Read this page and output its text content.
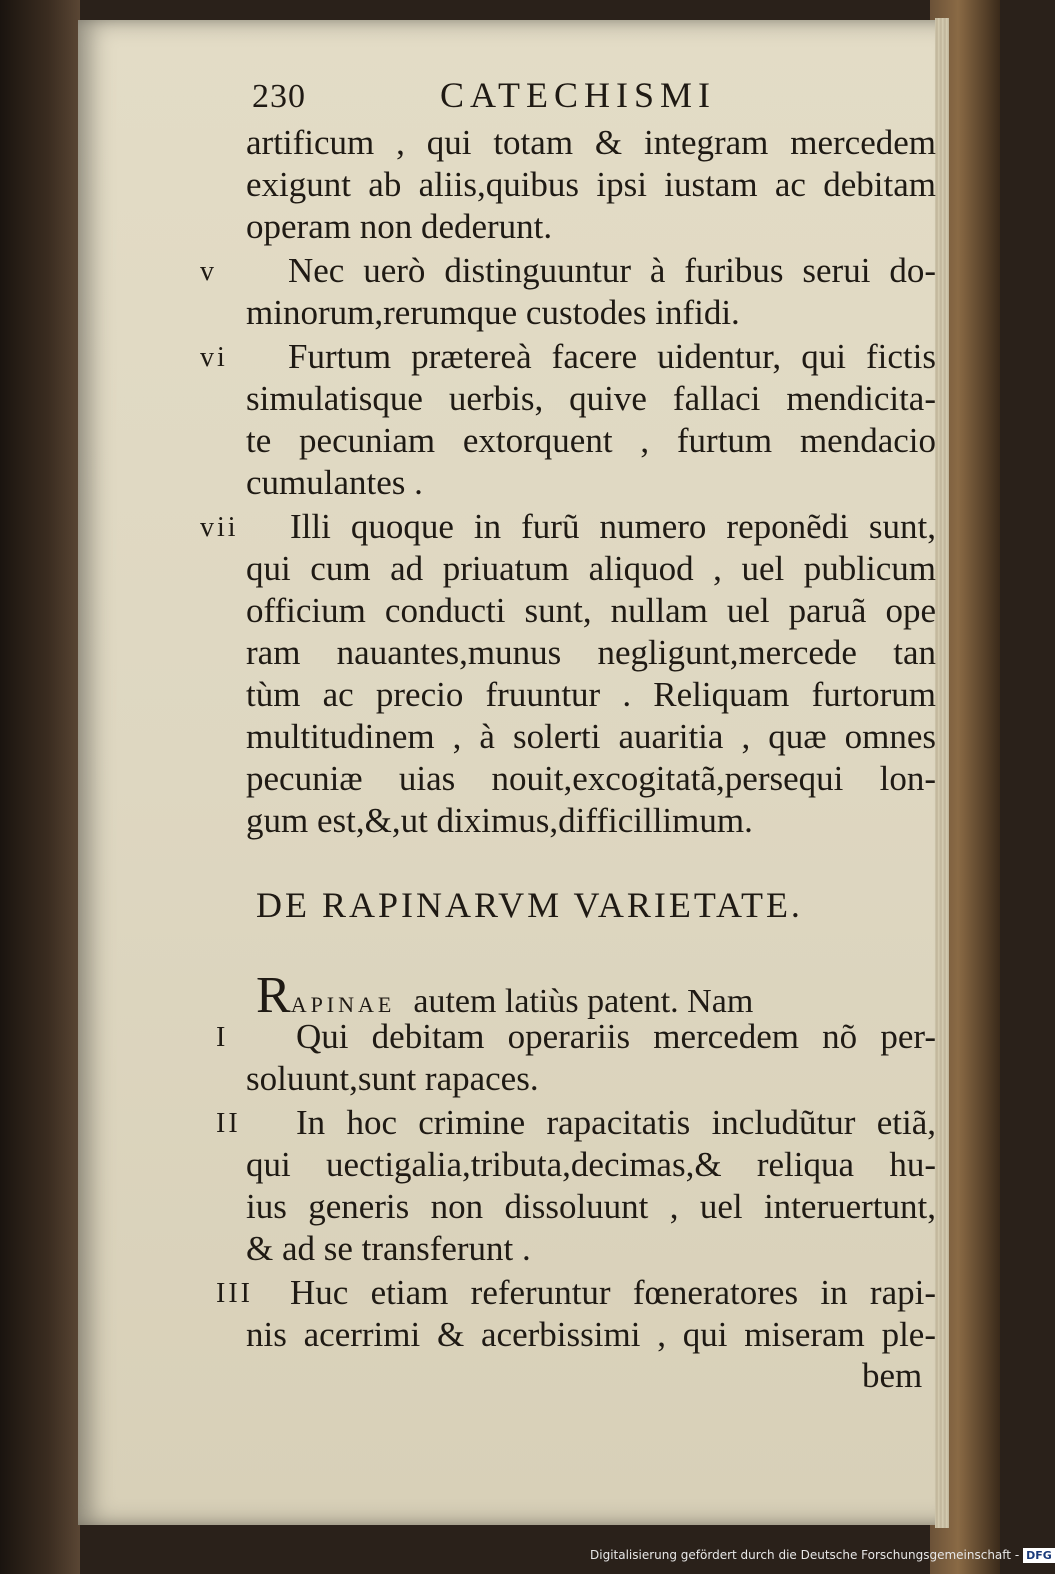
230	CATECHISMI
artificum , qui totam & integram mercedem
exigunt ab aliis,quibus ipsi iustam ac debitam
operam non dederunt.
v Nec uerò distinguuntur à furibus serui do-
minorum,rerumque custodes infidi.
vi Furtum prætereà facere uidentur, qui fictis
simulatisque uerbis, quive fallaci mendicita-
te pecuniam extorquent , furtum mendacio
cumulantes .
vii Illi quoque in furũ numero reponẽdi sunt,
qui cum ad priuatum aliquod , uel publicum
officium conducti sunt, nullam uel paruã ope
ram nauantes,munus negligunt,mercede tan
tùm ac precio fruuntur . Reliquam furtorum
multitudinem , à solerti auaritia , quæ omnes
pecuniæ uias nouit,excogitatã,persequi lon-
gum est,&,ut diximus,difficillimum.
DE RAPINARVM VARIETATE.
RAPINAE autem latiùs patent. Nam
I Qui debitam operariis mercedem nõ per-
soluunt,sunt rapaces.
II In hoc crimine rapacitatis includũtur etiã,
qui uectigalia,tributa,decimas,& reliqua hu-
ius generis non dissoluunt , uel interuertunt,
& ad se transferunt .
III Huc etiam referuntur fœneratores in rapi-
nis acerrimi & acerbissimi , qui miseram ple-
bem
Digitalisierung gefördert durch die Deutsche Forschungsgemeinschaft - DFG
